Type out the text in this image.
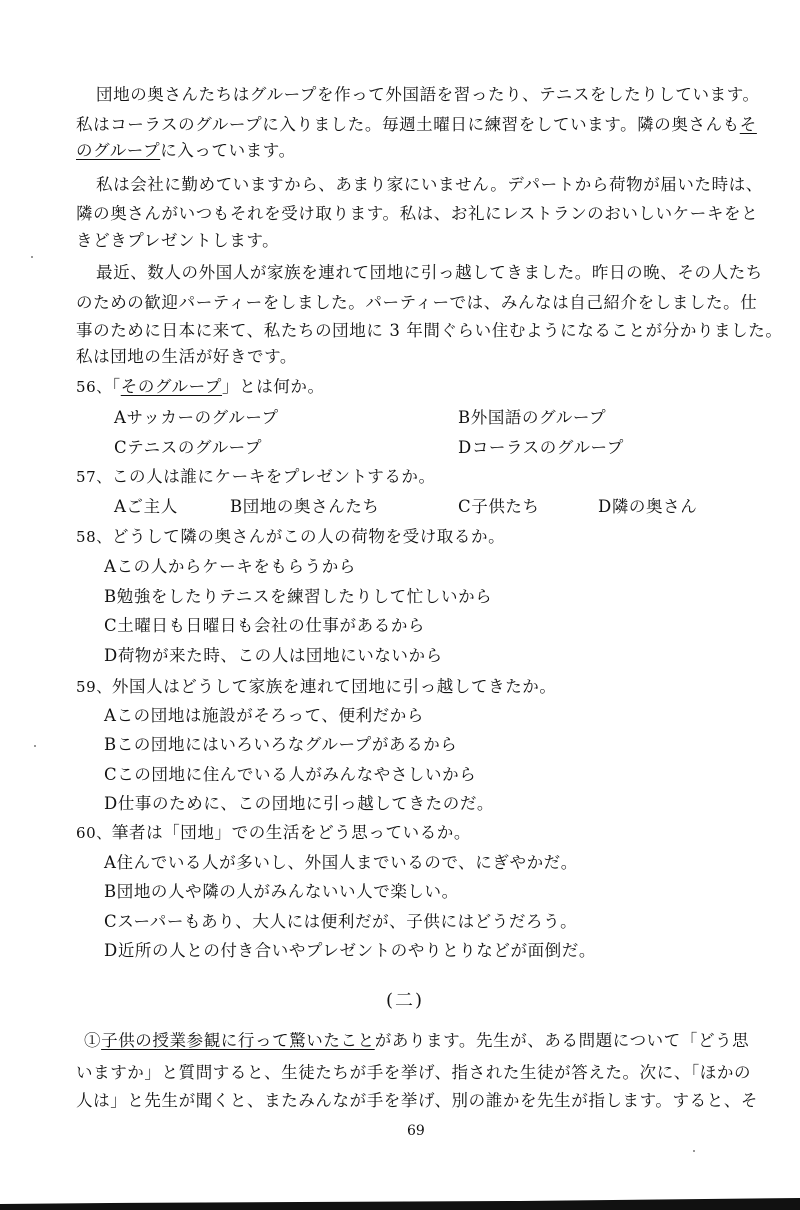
団地の奥さんたちはグループを作って外国語を習ったり、テニスをしたりしています。
私はコーラスのグループに入りました。毎週土曜日に練習をしています。隣の奥さんもそ
のグループに入っています。
私は会社に勤めていますから、あまり家にいません。デパートから荷物が届いた時は、
隣の奥さんがいつもそれを受け取ります。私は、お礼にレストランのおいしいケーキをと
きどきプレゼントします。
最近、数人の外国人が家族を連れて団地に引っ越してきました。昨日の晩、その人たち
のための歓迎パーティーをしました。パーティーでは、みんなは自己紹介をしました。仕
事のために日本に来て、私たちの団地に 3 年間ぐらい住むようになることが分かりました。
私は団地の生活が好きです。
56、「そのグループ」とは何か。
Aサッカーのグループ	B外国語のグループ
Cテニスのグループ	Dコーラスのグループ
57、この人は誰にケーキをプレゼントするか。
Aご主人	B団地の奥さんたち	C子供たち	D隣の奥さん
58、どうして隣の奥さんがこの人の荷物を受け取るか。
Aこの人からケーキをもらうから
B勉強をしたりテニスを練習したりして忙しいから
C土曜日も日曜日も会社の仕事があるから
D荷物が来た時、この人は団地にいないから
59、外国人はどうして家族を連れて団地に引っ越してきたか。
Aこの団地は施設がそろって、便利だから
Bこの団地にはいろいろなグループがあるから
Cこの団地に住んでいる人がみんなやさしいから
D仕事のために、この団地に引っ越してきたのだ。
60、筆者は「団地」での生活をどう思っているか。
A住んでいる人が多いし、外国人までいるので、にぎやかだ。
B団地の人や隣の人がみんないい人で楽しい。
Cスーパーもあり、大人には便利だが、子供にはどうだろう。
D近所の人との付き合いやプレゼントのやりとりなどが面倒だ。
(二)
①子供の授業参観に行って驚いたことがあります。先生が、ある問題について「どう思
いますか」と質問すると、生徒たちが手を挙げ、指された生徒が答えた。次に、「ほかの
人は」と先生が聞くと、またみんなが手を挙げ、別の誰かを先生が指します。すると、そ
69
